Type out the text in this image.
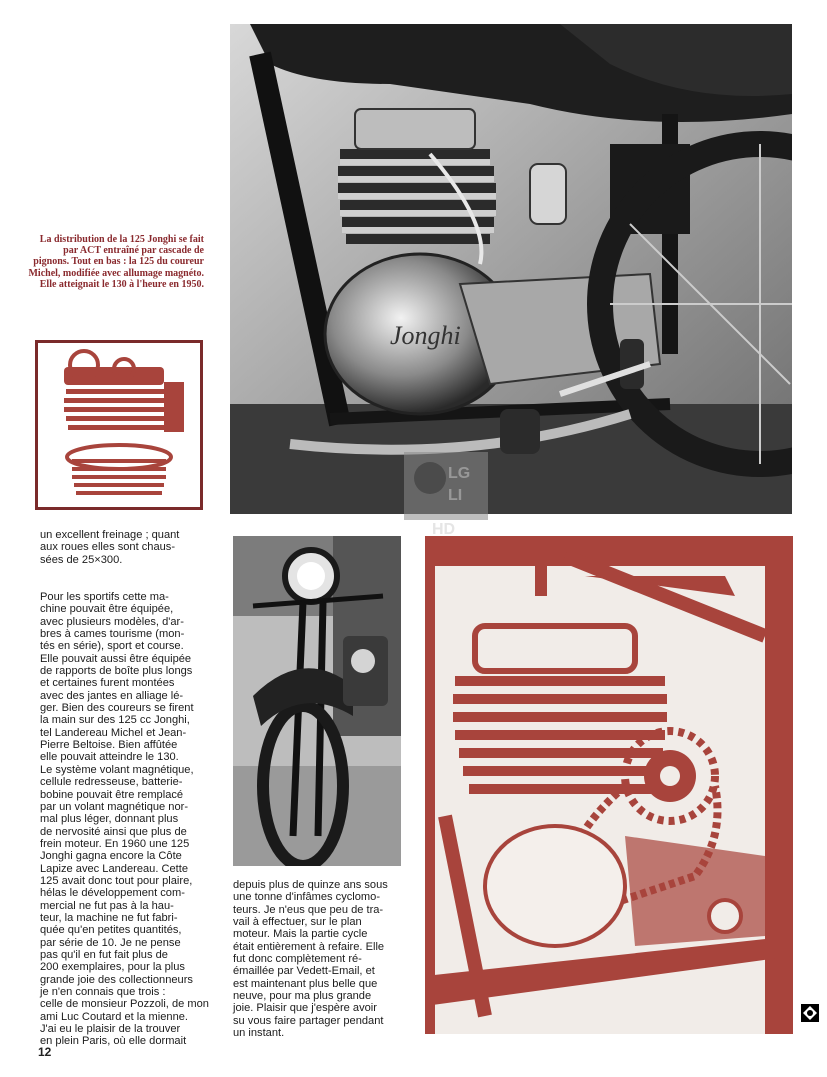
Jonghi
La distribution de la 125 Jonghi se fait par ACT entraîné par cascade de pignons. Tout en bas : la 125 du coureur Michel, modifiée avec allumage magnéto. Elle atteignait le 130 à l'heure en 1950.
LG
LI
HD
un excellent freinage ; quant
aux roues elles sont chaus-
sées de 25×300.
Pour les sportifs cette ma-
chine pouvait être équipée,
avec plusieurs modèles, d'ar-
bres à cames tourisme (mon-
tés en série), sport et course.
Elle pouvait aussi être équipée
de rapports de boîte plus longs
et certaines furent montées
avec des jantes en alliage lé-
ger. Bien des coureurs se firent
la main sur des 125 cc Jonghi,
tel Landereau Michel et Jean-
Pierre Beltoise. Bien affûtée
elle pouvait atteindre le 130.
Le système volant magnétique,
cellule redresseuse, batterie-
bobine pouvait être remplacé
par un volant magnétique nor-
mal plus léger, donnant plus
de nervosité ainsi que plus de
frein moteur. En 1960 une 125
Jonghi gagna encore la Côte
Lapize avec Landereau. Cette
125 avait donc tout pour plaire,
hélas le développement com-
mercial ne fut pas à la hau-
teur, la machine ne fut fabri-
quée qu'en petites quantités,
par série de 10. Je ne pense
pas qu'il en fut fait plus de
200 exemplaires, pour la plus
grande joie des collectionneurs
je n'en connais que trois :
celle de monsieur Pozzoli, de mon
ami Luc Coutard et la mienne.
J'ai eu le plaisir de la trouver
en plein Paris, où elle dormait
depuis plus de quinze ans sous
une tonne d'infâmes cyclomo-
teurs. Je n'eus que peu de tra-
vail à effectuer, sur le plan
moteur. Mais la partie cycle
était entièrement à refaire. Elle
fut donc complètement ré-
émaillée par Vedett-Email, et
est maintenant plus belle que
neuve, pour ma plus grande
joie. Plaisir que j'espère avoir
su vous faire partager pendant
un instant.
12
